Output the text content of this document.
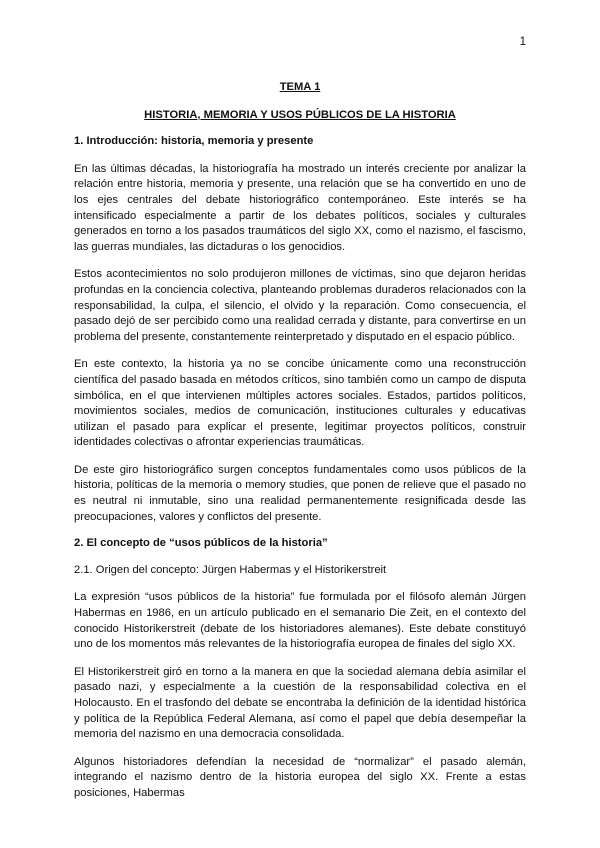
1

TEMA 1

HISTORIA, MEMORIA Y USOS PÚBLICOS DE LA HISTORIA

1. Introducción: historia, memoria y presente

En las últimas décadas, la historiografía ha mostrado un interés creciente por analizar la relación entre historia, memoria y presente, una relación que se ha convertido en uno de los ejes centrales del debate historiográfico contemporáneo. Este interés se ha intensificado especialmente a partir de los debates políticos, sociales y culturales generados en torno a los pasados traumáticos del siglo XX, como el nazismo, el fascismo, las guerras mundiales, las dictaduras o los genocidios.

Estos acontecimientos no solo produjeron millones de víctimas, sino que dejaron heridas profundas en la conciencia colectiva, planteando problemas duraderos relacionados con la responsabilidad, la culpa, el silencio, el olvido y la reparación. Como consecuencia, el pasado dejó de ser percibido como una realidad cerrada y distante, para convertirse en un problema del presente, constantemente reinterpretado y disputado en el espacio público.

En este contexto, la historia ya no se concibe únicamente como una reconstrucción científica del pasado basada en métodos críticos, sino también como un campo de disputa simbólica, en el que intervienen múltiples actores sociales. Estados, partidos políticos, movimientos sociales, medios de comunicación, instituciones culturales y educativas utilizan el pasado para explicar el presente, legitimar proyectos políticos, construir identidades colectivas o afrontar experiencias traumáticas.

De este giro historiográfico surgen conceptos fundamentales como usos públicos de la historia, políticas de la memoria o memory studies, que ponen de relieve que el pasado no es neutral ni inmutable, sino una realidad permanentemente resignificada desde las preocupaciones, valores y conflictos del presente.

2. El concepto de “usos públicos de la historia”

2.1. Origen del concepto: Jürgen Habermas y el Historikerstreit

La expresión “usos públicos de la historia” fue formulada por el filósofo alemán Jürgen Habermas en 1986, en un artículo publicado en el semanario Die Zeit, en el contexto del conocido Historikerstreit (debate de los historiadores alemanes). Este debate constituyó uno de los momentos más relevantes de la historiografía europea de finales del siglo XX.

El Historikerstreit giró en torno a la manera en que la sociedad alemana debía asimilar el pasado nazi, y especialmente a la cuestión de la responsabilidad colectiva en el Holocausto. En el trasfondo del debate se encontraba la definición de la identidad histórica y política de la República Federal Alemana, así como el papel que debía desempeñar la memoria del nazismo en una democracia consolidada.

Algunos historiadores defendían la necesidad de “normalizar” el pasado alemán, integrando el nazismo dentro de la historia europea del siglo XX. Frente a estas posiciones, Habermas
